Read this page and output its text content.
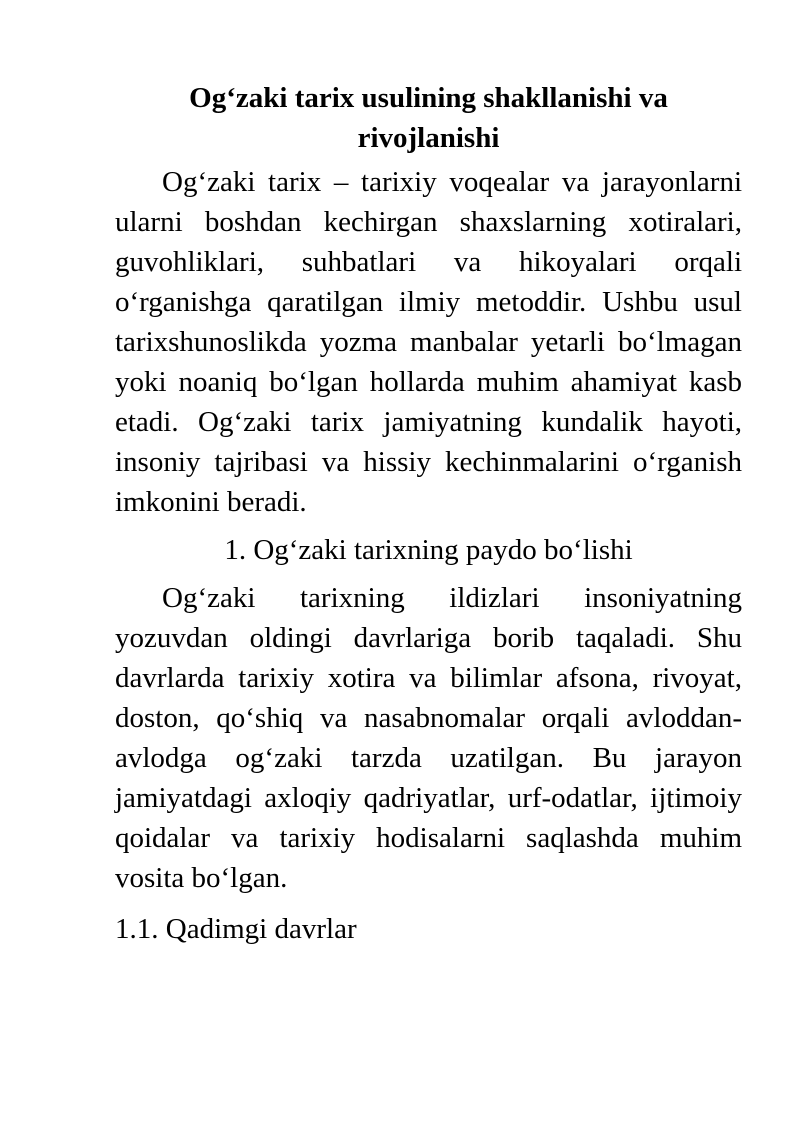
Og‘zaki tarix usulining shakllanishi va rivojlanishi

Og‘zaki tarix – tarixiy voqealar va jarayonlarni ularni boshdan kechirgan shaxslarning xotiralari, guvohliklari, suhbatlari va hikoyalari orqali o‘rganishga qaratilgan ilmiy metoddir. Ushbu usul tarixshunoslikda yozma manbalar yetarli bo‘lmagan yoki noaniq bo‘lgan hollarda muhim ahamiyat kasb etadi. Og‘zaki tarix jamiyatning kundalik hayoti, insoniy tajribasi va hissiy kechinmalarini o‘rganish imkonini beradi.

1. Og‘zaki tarixning paydo bo‘lishi

Og‘zaki tarixning ildizlari insoniyatning yozuvdan oldingi davrlariga borib taqaladi. Shu davrlarda tarixiy xotira va bilimlar afsona, rivoyat, doston, qo‘shiq va nasabnomalar orqali avloddan-avlodga og‘zaki tarzda uzatilgan. Bu jarayon jamiyatdagi axloqiy qadriyatlar, urf-odatlar, ijtimoiy qoidalar va tarixiy hodisalarni saqlashda muhim vosita bo‘lgan.

1.1. Qadimgi davrlar
